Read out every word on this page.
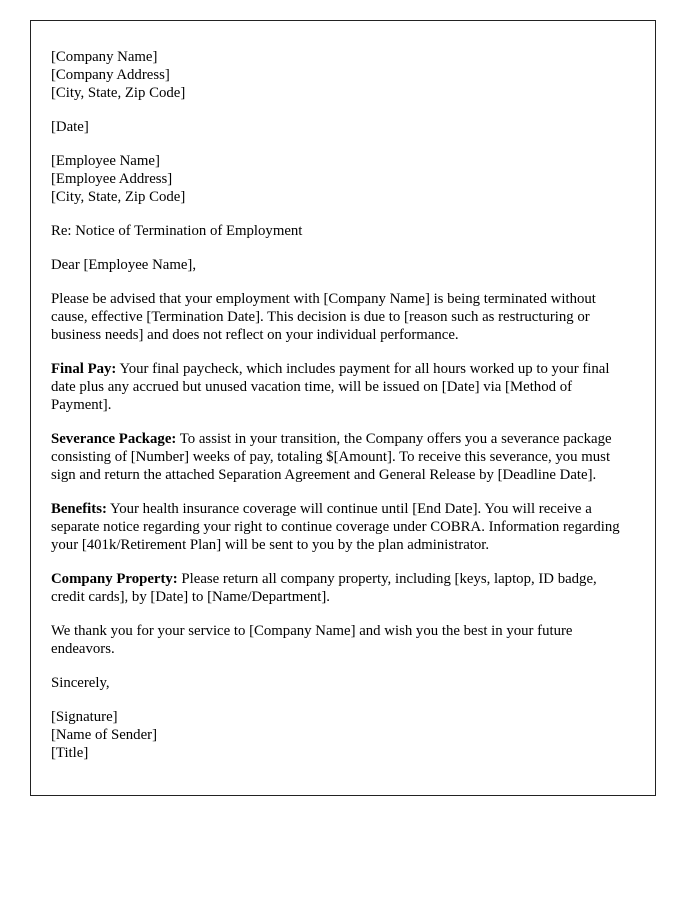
[Company Name]
[Company Address]
[City, State, Zip Code]

[Date]

[Employee Name]
[Employee Address]
[City, State, Zip Code]

Re: Notice of Termination of Employment

Dear [Employee Name],

Please be advised that your employment with [Company Name] is being terminated without cause, effective [Termination Date]. This decision is due to [reason such as restructuring or business needs] and does not reflect on your individual performance.

Final Pay: Your final paycheck, which includes payment for all hours worked up to your final date plus any accrued but unused vacation time, will be issued on [Date] via [Method of Payment].

Severance Package: To assist in your transition, the Company offers you a severance package consisting of [Number] weeks of pay, totaling $[Amount]. To receive this severance, you must sign and return the attached Separation Agreement and General Release by [Deadline Date].

Benefits: Your health insurance coverage will continue until [End Date]. You will receive a separate notice regarding your right to continue coverage under COBRA. Information regarding your [401k/Retirement Plan] will be sent to you by the plan administrator.

Company Property: Please return all company property, including [keys, laptop, ID badge, credit cards], by [Date] to [Name/Department].

We thank you for your service to [Company Name] and wish you the best in your future endeavors.

Sincerely,

[Signature]
[Name of Sender]
[Title]
